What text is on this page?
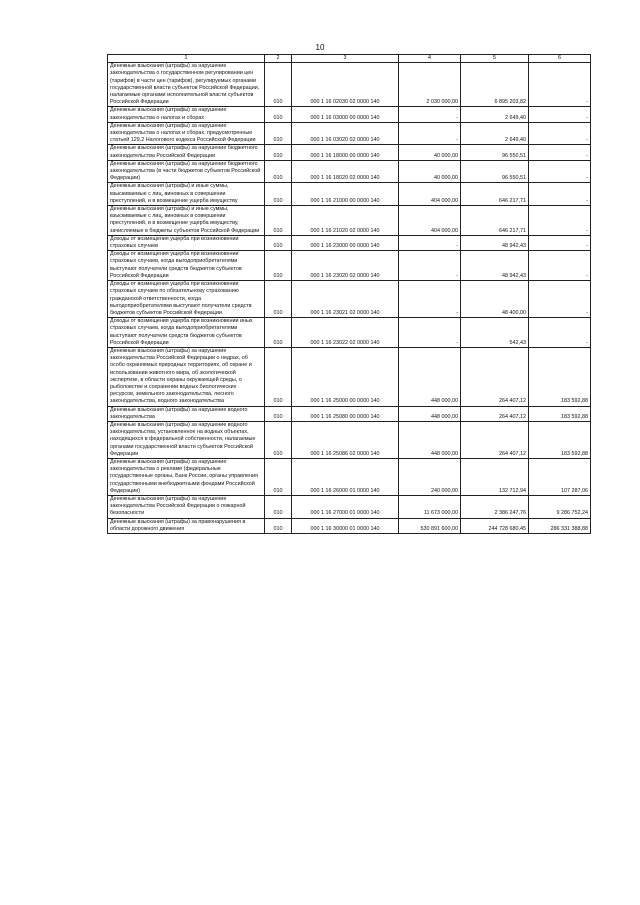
10
1	2	3	4	5	6
Денежные взыскания (штрафы) за нарушение законодательства о государственном регулировании цен (тарифов) в части цен (тарифов), регулируемых органами государственной власти субъектов Российской Федерации, налагаемые органами исполнительной власти субъектов Российской Федерации	010	000 1 16 02030 02 0000 140	2 030 000,00	6 895 203,82	-
Денежные взыскания (штрафы) за нарушение законодательства о налогах и сборах	010	000 1 16 03000 00 0000 140	-	2 649,40	-
Денежные взыскания (штрафы) за нарушение законодательства о налогах и сборах, предусмотренные статьей 129.2 Налогового кодекса Российской Федерации	010	000 1 16 03020 02 0000 140	-	2 649,40	-
Денежные взыскания (штрафы) за нарушение бюджетного законодательства Российской Федерации	010	000 1 16 18000 00 0000 140	40 000,00	96 550,51	-
Денежные взыскания (штрафы) за нарушение бюджетного законодательства (в части бюджетов субъектов Российской Федерации)	010	000 1 16 18020 02 0000 140	40 000,00	96 550,51	-
Денежные взыскания (штрафы) и иные суммы, взыскиваемые с лиц, виновных в совершении преступлений, и в возмещение ущерба имуществу	010	000 1 16 21000 00 0000 140	404 000,00	646 217,71	-
Денежные взыскания (штрафы) и иные суммы, взыскиваемые с лиц, виновных в совершении преступлений, и в возмещение ущерба имуществу, зачисляемые в бюджеты субъектов Российской Федерации	010	000 1 16 21020 02 0000 140	404 000,00	646 217,71	-
Доходы от возмещения ущерба при возникновении страховых случаев	010	000 1 16 23000 00 0000 140	-	48 942,43	-
Доходы от возмещения ущерба при возникновении страховых случаев, когда выгодоприобретателями выступают получатели средств бюджетов субъектов Российской Федерации	010	000 1 16 23020 02 0000 140	-	48 942,43	-
Доходы от возмещения ущерба при возникновении страховых случаев по обязательному страхованию гражданской ответственности, когда выгодоприобретателями выступают получатели средств бюджетов субъектов Российской Федерации	010	000 1 16 23021 02 0000 140	-	48 400,00	-
Доходы от возмещения ущерба при возникновении иных страховых случаев, когда выгодоприобретателями выступают получатели средств бюджетов субъектов Российской Федерации	010	000 1 16 23022 02 0000 140	-	542,43	-
Денежные взыскания (штрафы) за нарушение законодательства Российской Федерации о недрах, об особо охраняемых природных территориях, об охране и использовании животного мира, об экологической экспертизе, в области охраны окружающей среды, о рыболовстве и сохранении водных биологических ресурсов, земельного законодательства, лесного законодательства, водного законодательства	010	000 1 16 25000 00 0000 140	448 000,00	264 407,12	183 592,88
Денежные взыскания (штрафы) за нарушение водного законодательства	010	000 1 16 25080 00 0000 140	448 000,00	264 407,12	183 592,88
Денежные взыскания (штрафы) за нарушение водного законодательства, установленное на водных объектах, находящихся в федеральной собственности, налагаемые органами государственной власти субъектов Российской Федерации	010	000 1 16 25086 02 0000 140	448 000,00	264 407,12	183 592,88
Денежные взыскания (штрафы) за нарушение законодательства о рекламе (федеральные государственные органы, Банк России, органы управления государственными внебюджетными фондами Российской Федерации)	010	000 1 16 26000 01 0000 140	240 000,00	132 712,94	107 287,06
Денежные взыскания (штрафы) за нарушение законодательства Российской Федерации о пожарной безопасности	010	000 1 16 27000 01 0000 140	11 673 000,00	2 386 247,76	9 286 752,24
Денежные взыскания (штрафы) за правонарушения в области дорожного движения	010	000 1 16 30000 01 0000 140	530 891 600,00	244 728 680,45	286 331 388,88
